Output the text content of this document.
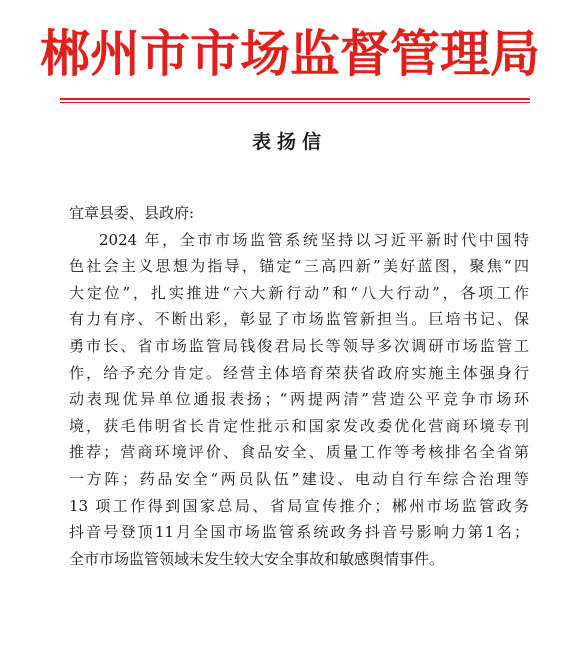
郴州市市场监督管理局
表扬信

宜章县委、县政府:

2024 年，全市市场监管系统坚持以习近平新时代中国特

色社会主义思想为指导，锚定“三高四新”美好蓝图，聚焦“四

大定位”，扎实推进“六大新行动”和“八大行动”，各项工作

有力有序、不断出彩，彰显了市场监管新担当。巨培书记、保

勇市长、省市场监管局钱俊君局长等领导多次调研市场监管工

作，给予充分肯定。经营主体培育荣获省政府实施主体强身行

动表现优异单位通报表扬；“两提两清”营造公平竞争市场环

境，获毛伟明省长肯定性批示和国家发改委优化营商环境专刊

推荐；营商环境评价、食品安全、质量工作等考核排名全省第

一方阵；药品安全“两员队伍”建设、电动自行车综合治理等

13 项工作得到国家总局、省局宣传推介；郴州市场监管政务

抖音号登顶11月全国市场监管系统政务抖音号影响力第1名；

全市市场监管领域未发生较大安全事故和敏感舆情事件。
